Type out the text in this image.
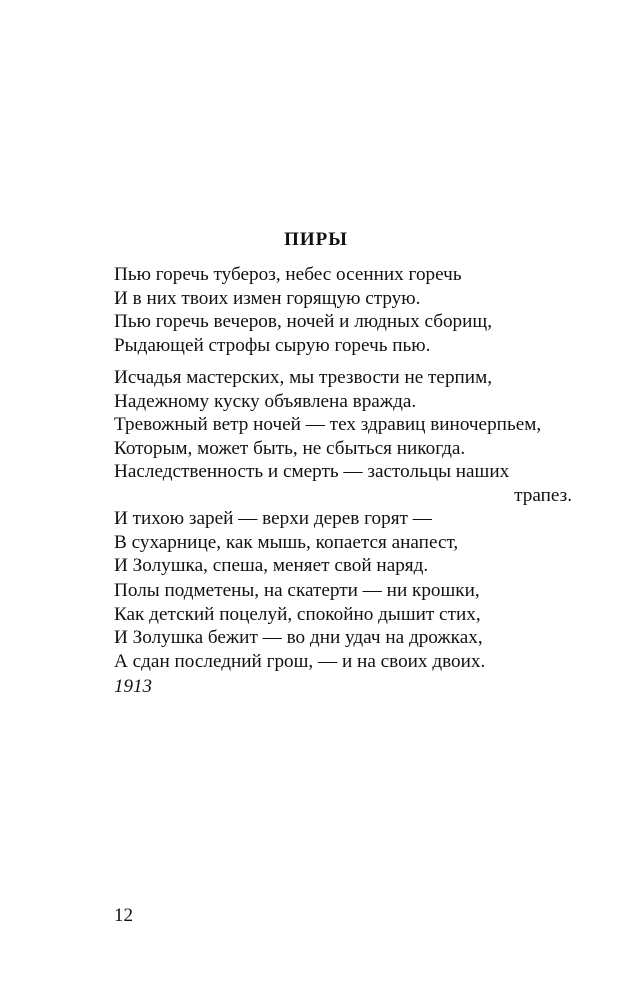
ПИРЫ
Пью горечь тубероз, небес осенних горечь
И в них твоих измен горящую струю.
Пью горечь вечеров, ночей и людных сборищ,
Рыдающей строфы сырую горечь пью.
Исчадья мастерских, мы трезвости не терпим,
Надежному куску объявлена вражда.
Тревожный ветр ночей — тех здравиц виночерпьем,
Которым, может быть, не сбыться никогда.
Наследственность и смерть — застольцы наших
трапез.
И тихою зарей — верхи дерев горят —
В сухарнице, как мышь, копается анапест,
И Золушка, спеша, меняет свой наряд.
Полы подметены, на скатерти — ни крошки,
Как детский поцелуй, спокойно дышит стих,
И Золушка бежит — во дни удач на дрожках,
А сдан последний грош, — и на своих двоих.
1913
12
